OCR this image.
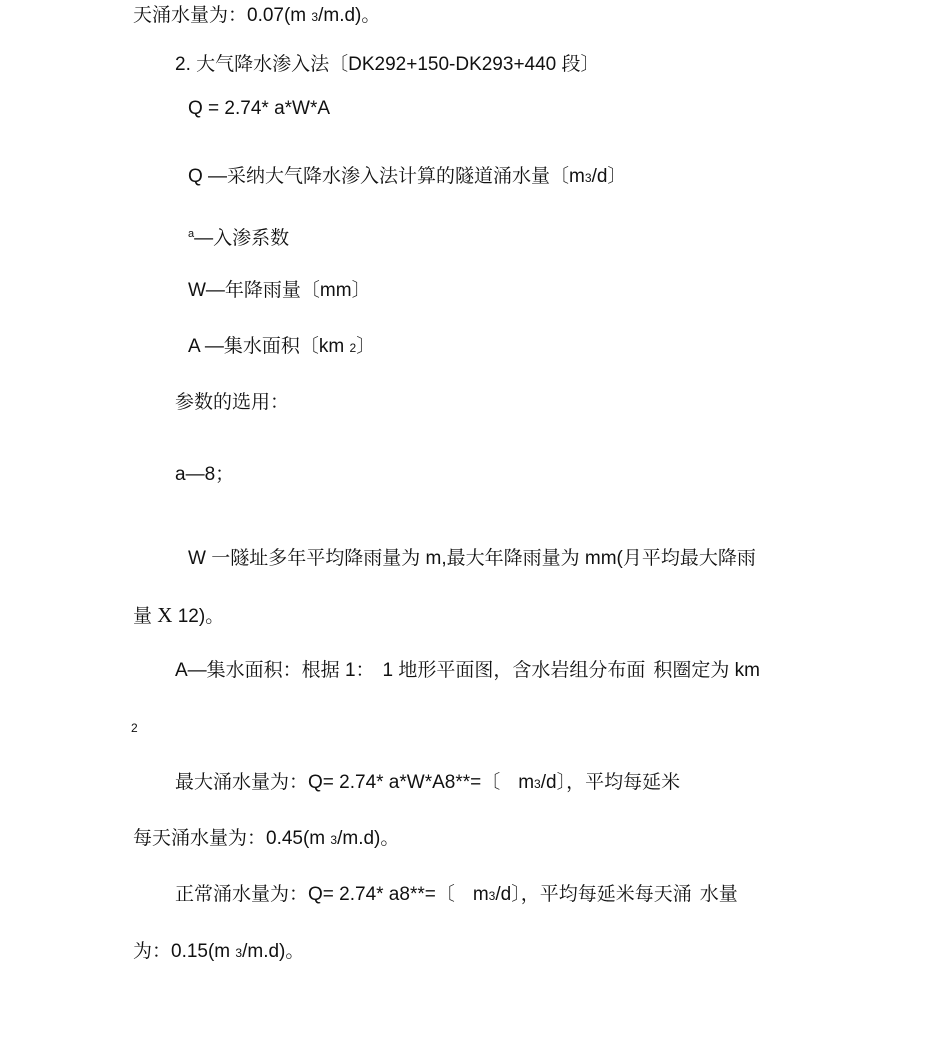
天涌水量为：0.07(m 3/m.d)。
2. 大气降水渗入法〔DK292+150-DK293+440 段〕
Q = 2.74* a*W*A
Q —采纳大气降水渗入法计算的隧道涌水量〔m3/d〕
$^a$—入渗系数
W—年降雨量〔mm〕
A —集水面积〔km 2〕
参数的选用：
a—8；
W 一隧址多年平均降雨量为 m,最大年降雨量为 mm(月平均最大降雨
量 X 12)。
A—集水面积：根据 1： 1 地形平面图，含水岩组分布面 积圈定为 km
2
最大涌水量为：Q= 2.74* a*W*A8**=〔 m3/d〕，平均每延米
每天涌水量为：0.45(m 3/m.d)。
正常涌水量为：Q= 2.74* a8**=〔 m3/d〕，平均每延米每天涌 水量
为：0.15(m 3/m.d)。
